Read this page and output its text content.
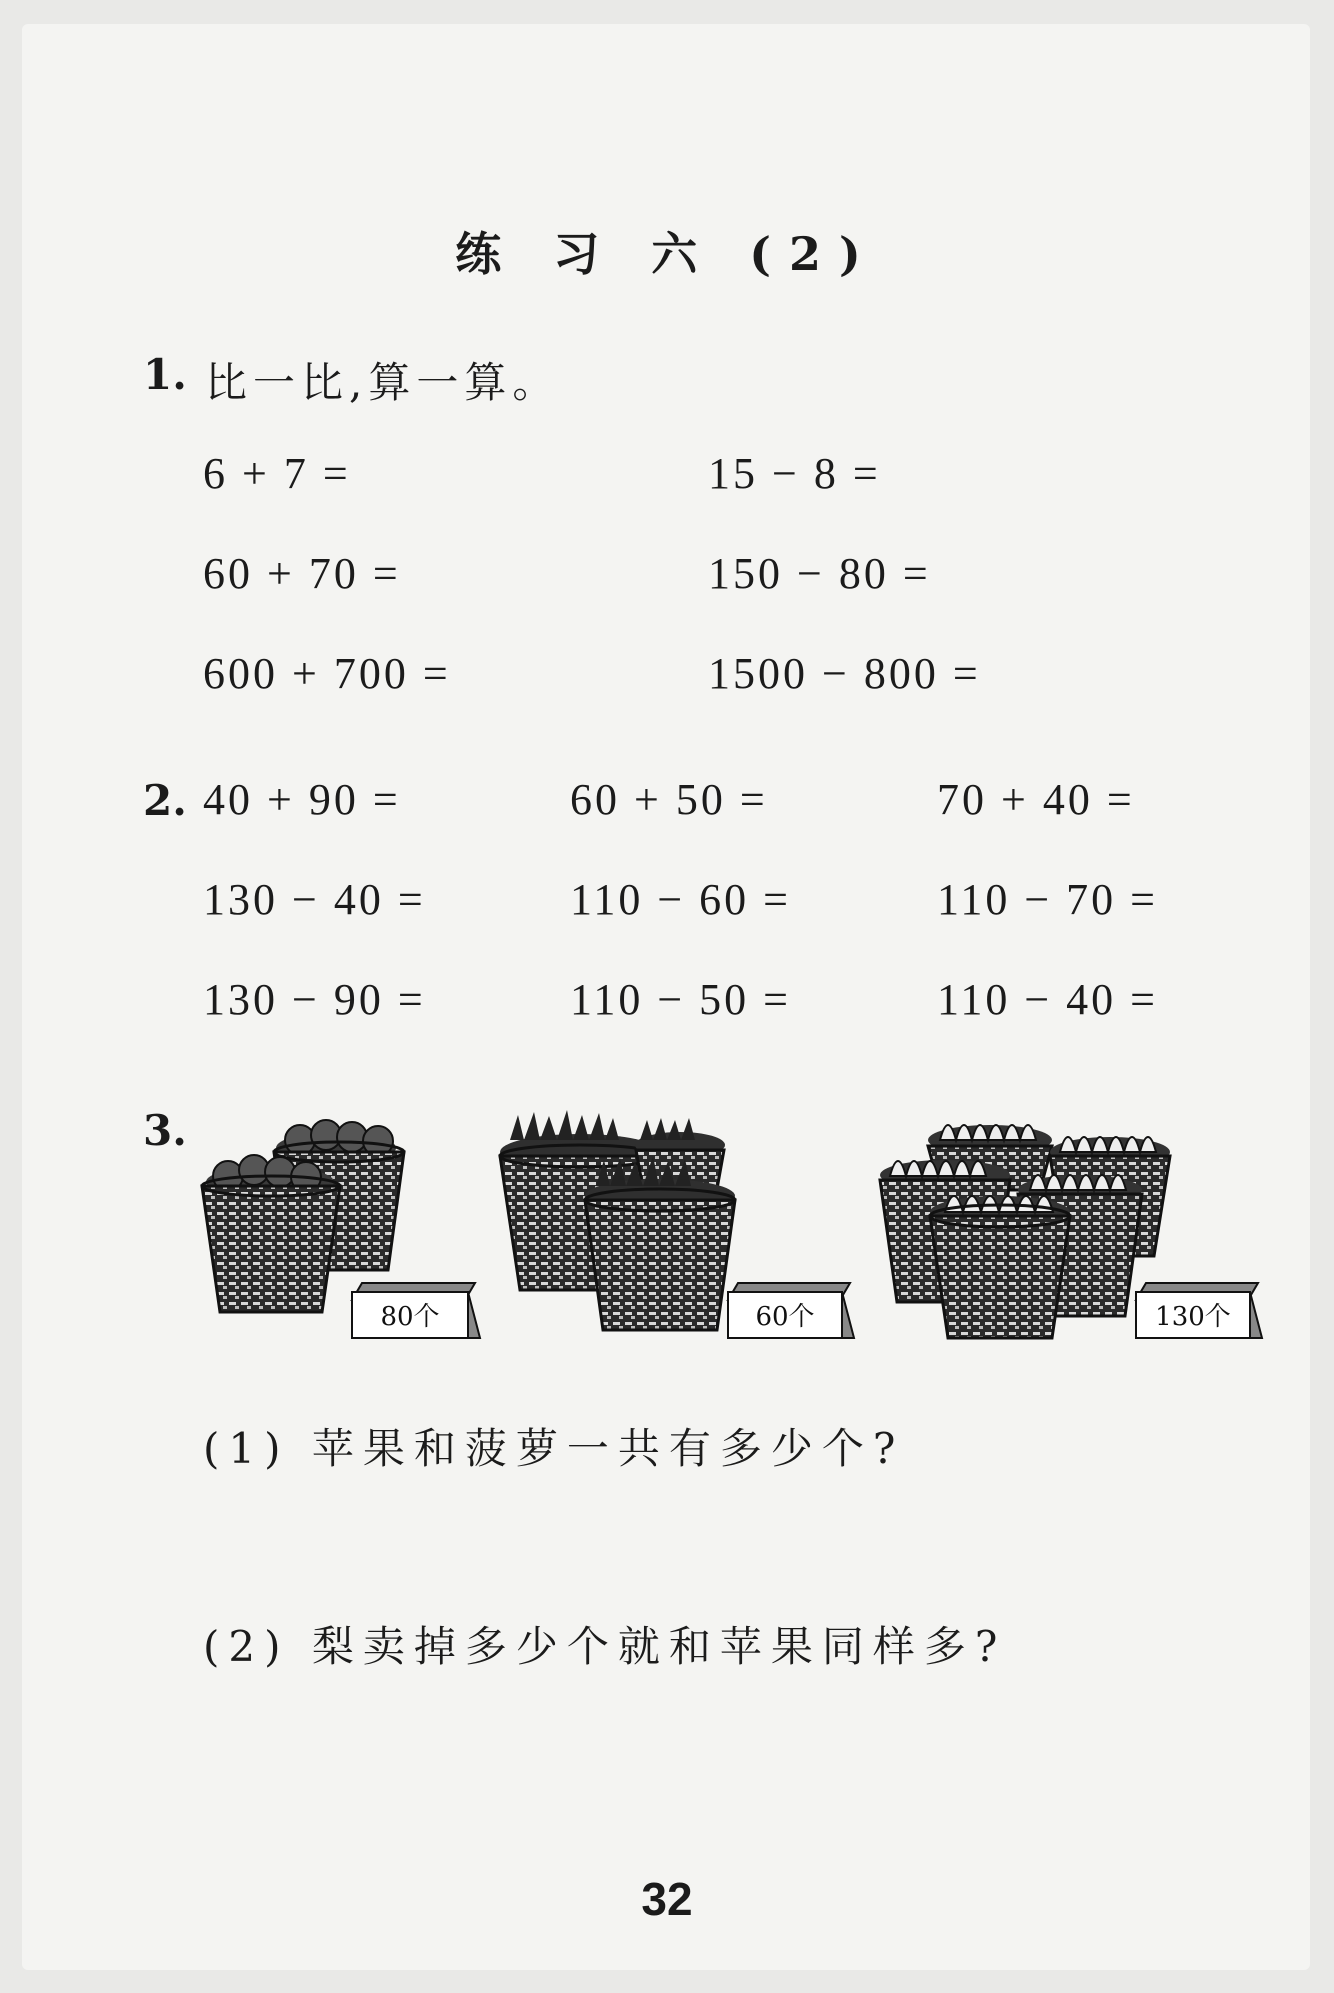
练 习 六 (2)
1. 比一比,算一算。
6 + 7 =
60 + 70 =
600 + 700 =
15 − 8 =
150 − 80 =
1500 − 800 =
2. 40 + 90 =
130 − 40 =
130 − 90 =
60 + 50 =
110 − 60 =
110 − 50 =
70 + 40 =
110 − 70 =
110 − 40 =
3.
80个	60个	130个
(1) 苹果和菠萝一共有多少个?
(2) 梨卖掉多少个就和苹果同样多?
32
